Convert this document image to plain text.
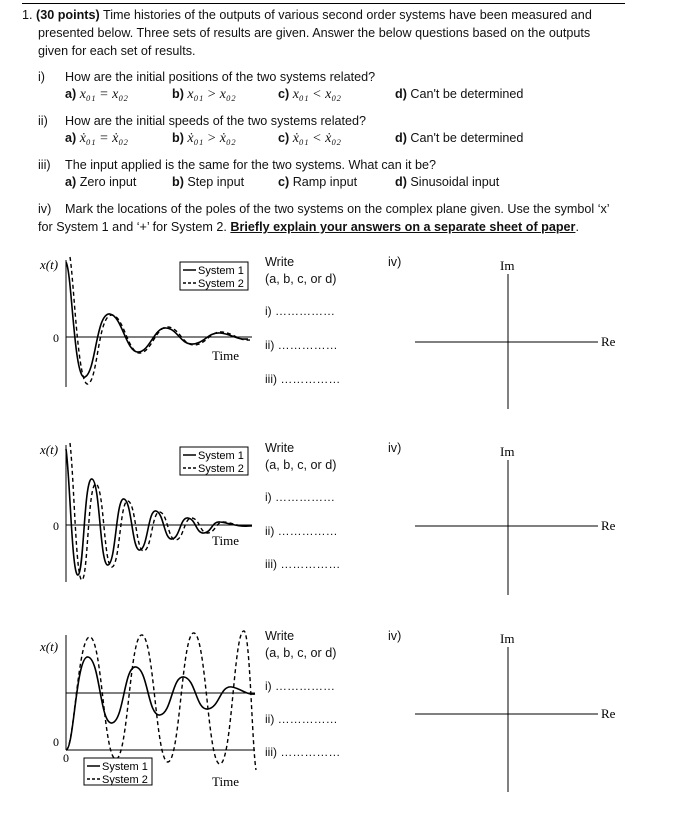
1. (30 points) Time histories of the outputs of various second order systems have been measured and
presented below. Three sets of results are given. Answer the below questions based on the outputs
given for each set of results.
i) How are the initial positions of the two systems related?
a) x₀₁ = x₀₂	b) x₀₁ > x₀₂	c) x₀₁ < x₀₂	d) Can't be determined
ii) How are the initial speeds of the two systems related?
a) ẋ₀₁ = ẋ₀₂	b) ẋ₀₁ > ẋ₀₂	c) ẋ₀₁ < ẋ₀₂	d) Can't be determined
iii) The input applied is the same for the two systems. What can it be?
a) Zero input	b) Step input	c) Ramp input	d) Sinusoidal input
iv) Mark the locations of the poles of the two systems on the complex plane given. Use the symbol ‘x’
for System 1 and ‘+’ for System 2. Briefly explain your answers on a separate sheet of paper.
x(t)
0
System 1
System 2
Time
Write
(a, b, c, or d)
i) ……………
ii) ……………
iii) ……………
iv)	Im
Re
x(t)
0
System 1
System 2
Time
Write
(a, b, c, or d)
i) ……………
ii) ……………
iii) ……………
iv)	Im
Re
x(t)
0
0
System 1
System 2	Time
Write
(a, b, c, or d)
i) ……………
ii) ……………
iii) ……………
iv)	Im
Re
